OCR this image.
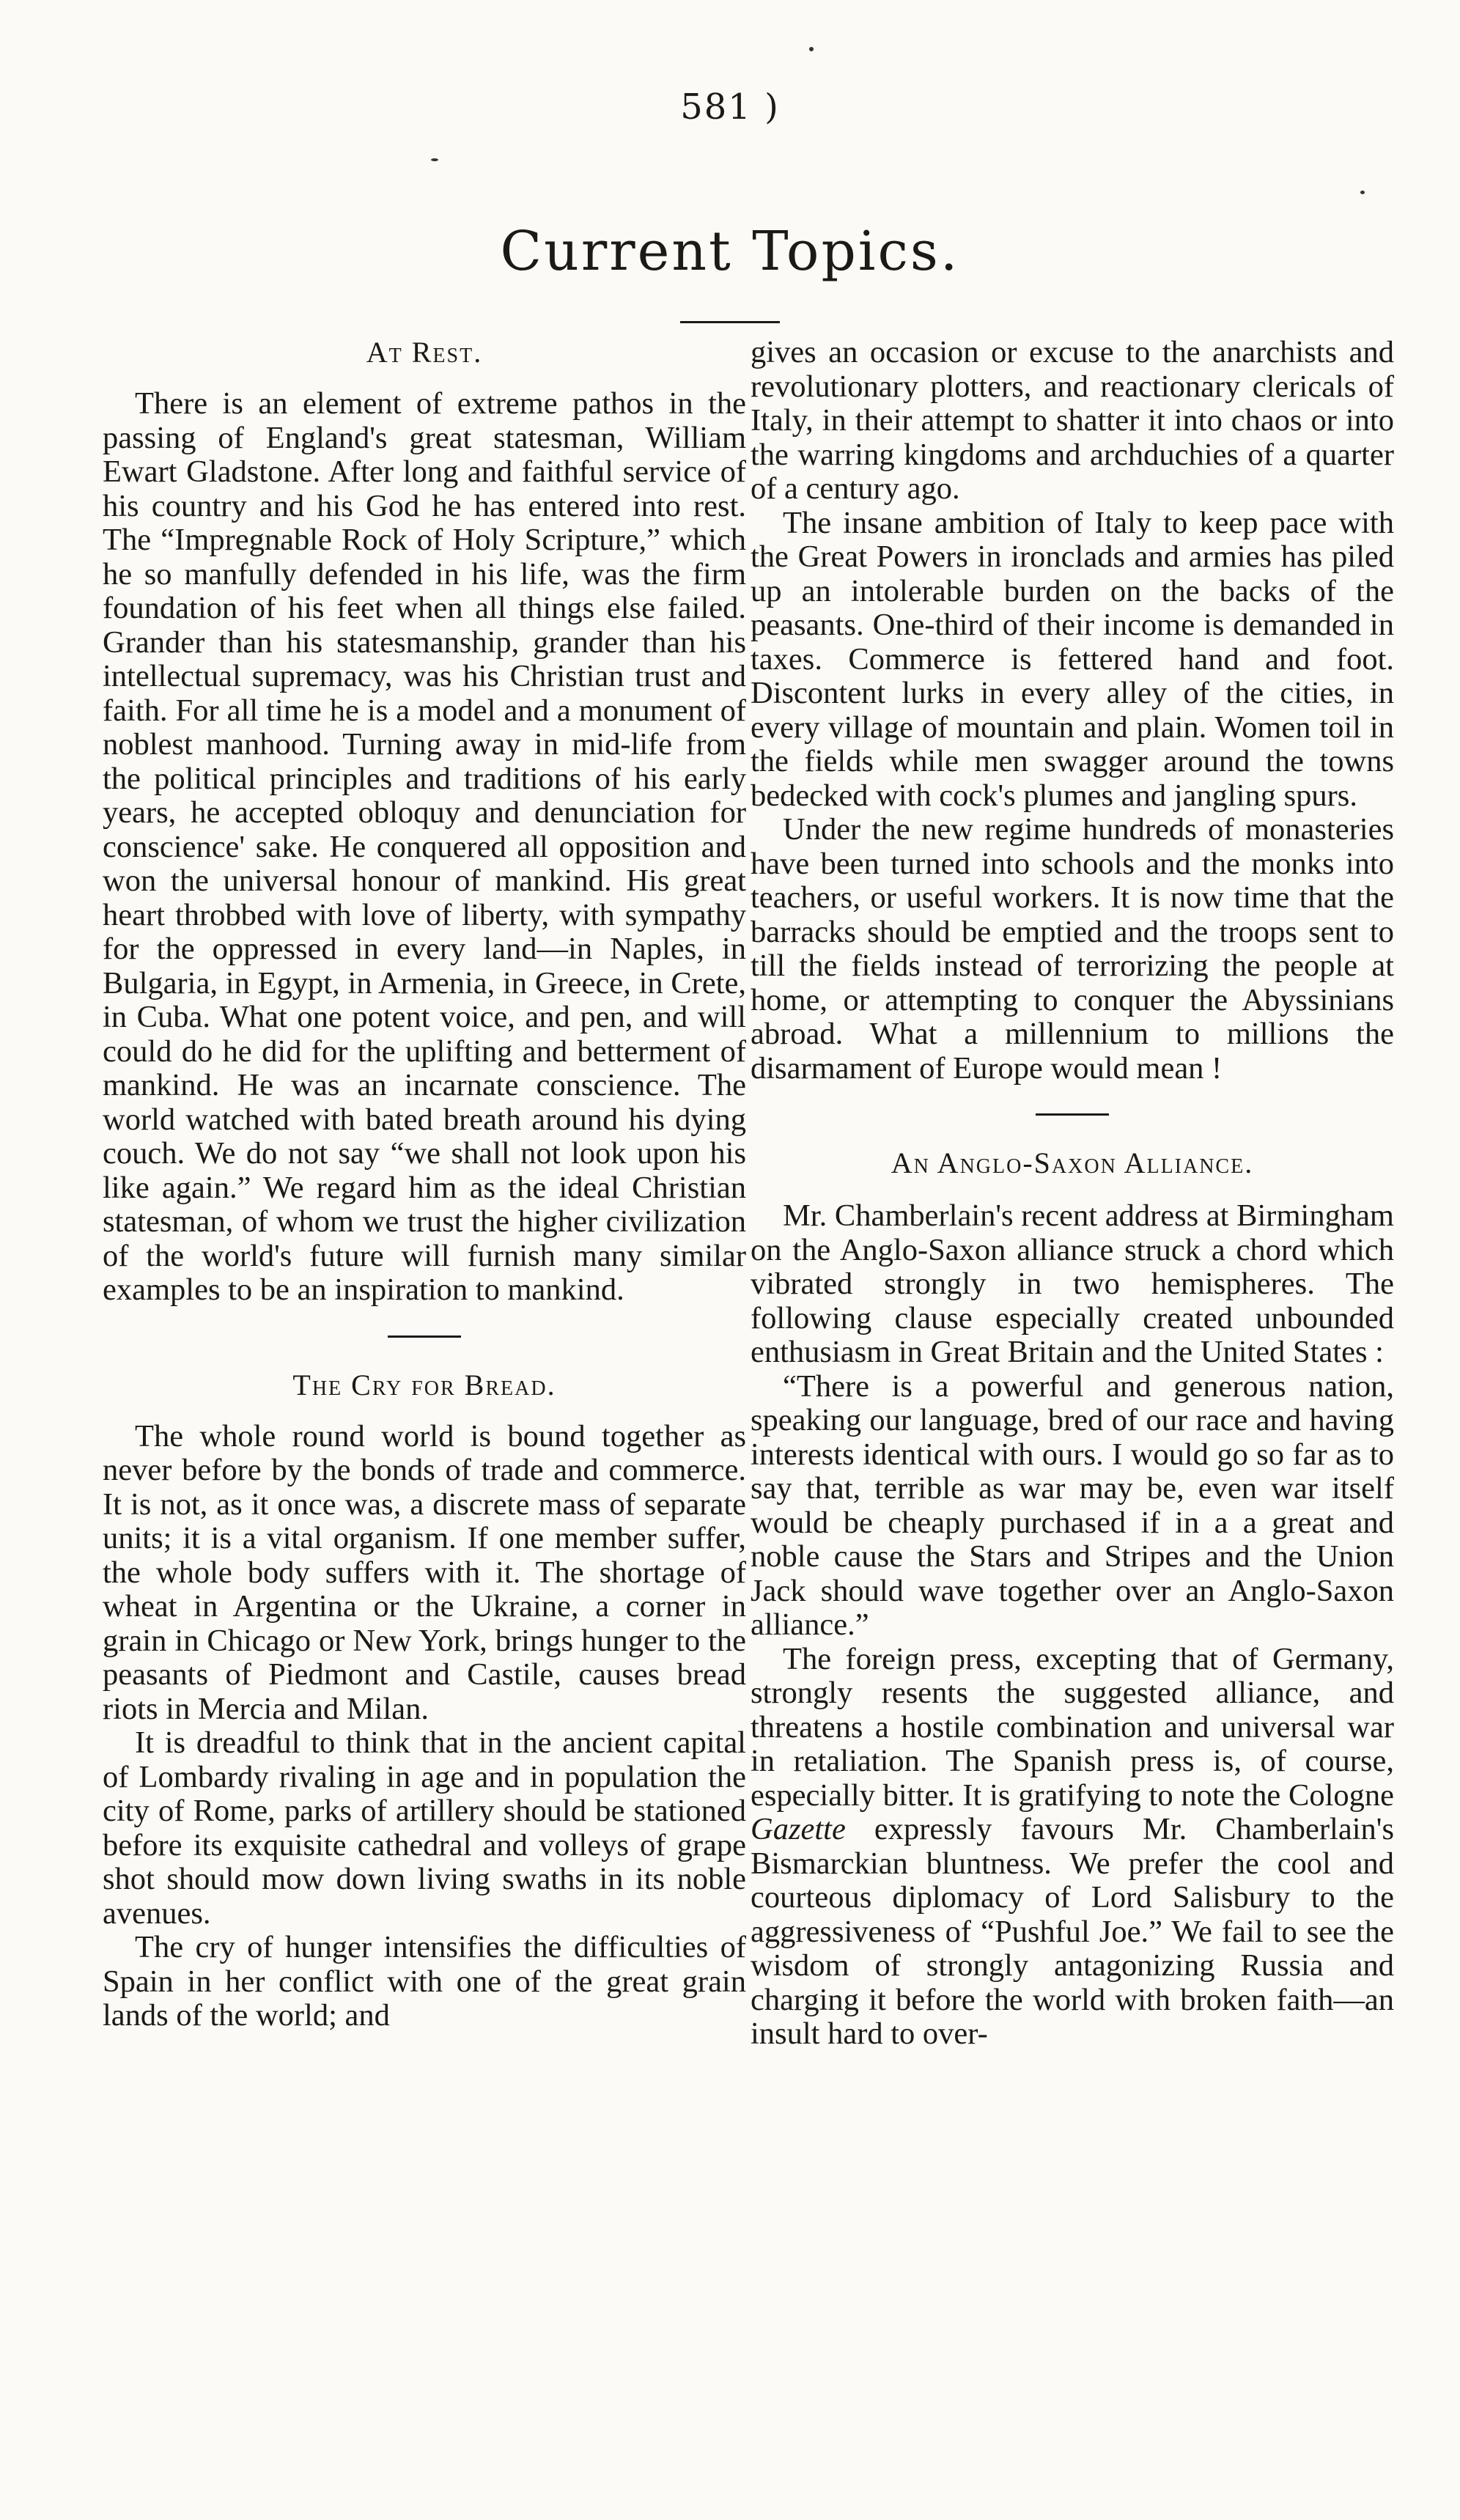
581 )
Current Topics.
At Rest.

There is an element of extreme pathos in the passing of England's great statesman, William Ewart Gladstone. After long and faithful service of his country and his God he has entered into rest. The “Impregnable Rock of Holy Scripture,” which he so manfully defended in his life, was the firm foundation of his feet when all things else failed. Grander than his statesmanship, grander than his intellectual supremacy, was his Christian trust and faith. For all time he is a model and a monument of noblest manhood. Turning away in mid-life from the political principles and traditions of his early years, he accepted obloquy and denunciation for conscience' sake. He conquered all opposition and won the universal honour of mankind. His great heart throbbed with love of liberty, with sympathy for the oppressed in every land—in Naples, in Bulgaria, in Egypt, in Armenia, in Greece, in Crete, in Cuba. What one potent voice, and pen, and will could do he did for the uplifting and betterment of mankind. He was an incarnate conscience. The world watched with bated breath around his dying couch. We do not say “we shall not look upon his like again.” We regard him as the ideal Christian statesman, of whom we trust the higher civilization of the world's future will furnish many similar examples to be an inspiration to mankind.

The Cry for Bread.

The whole round world is bound together as never before by the bonds of trade and commerce. It is not, as it once was, a discrete mass of separate units; it is a vital organism. If one member suffer, the whole body suffers with it. The shortage of wheat in Argentina or the Ukraine, a corner in grain in Chicago or New York, brings hunger to the peasants of Piedmont and Castile, causes bread riots in Mercia and Milan.

It is dreadful to think that in the ancient capital of Lombardy rivaling in age and in population the city of Rome, parks of artillery should be stationed before its exquisite cathedral and volleys of grape shot should mow down living swaths in its noble avenues.

The cry of hunger intensifies the difficulties of Spain in her conflict with one of the great grain lands of the world; and

gives an occasion or excuse to the anarchists and revolutionary plotters, and reactionary clericals of Italy, in their attempt to shatter it into chaos or into the warring kingdoms and archduchies of a quarter of a century ago.

The insane ambition of Italy to keep pace with the Great Powers in ironclads and armies has piled up an intolerable burden on the backs of the peasants. One-third of their income is demanded in taxes. Commerce is fettered hand and foot. Discontent lurks in every alley of the cities, in every village of mountain and plain. Women toil in the fields while men swagger around the towns bedecked with cock's plumes and jangling spurs.

Under the new regime hundreds of monasteries have been turned into schools and the monks into teachers, or useful workers. It is now time that the barracks should be emptied and the troops sent to till the fields instead of terrorizing the people at home, or attempting to conquer the Abyssinians abroad. What a millennium to millions the disarmament of Europe would mean !

An Anglo-Saxon Alliance.

Mr. Chamberlain's recent address at Birmingham on the Anglo-Saxon alliance struck a chord which vibrated strongly in two hemispheres. The following clause especially created unbounded enthusiasm in Great Britain and the United States :

“There is a powerful and generous nation, speaking our language, bred of our race and having interests identical with ours. I would go so far as to say that, terrible as war may be, even war itself would be cheaply purchased if in a a great and noble cause the Stars and Stripes and the Union Jack should wave together over an Anglo-Saxon alliance.”

The foreign press, excepting that of Germany, strongly resents the suggested alliance, and threatens a hostile combination and universal war in retaliation. The Spanish press is, of course, especially bitter. It is gratifying to note the Cologne Gazette expressly favours Mr. Chamberlain's Bismarckian bluntness. We prefer the cool and courteous diplomacy of Lord Salisbury to the aggressiveness of “Pushful Joe.” We fail to see the wisdom of strongly antagonizing Russia and charging it before the world with broken faith—an insult hard to over-
